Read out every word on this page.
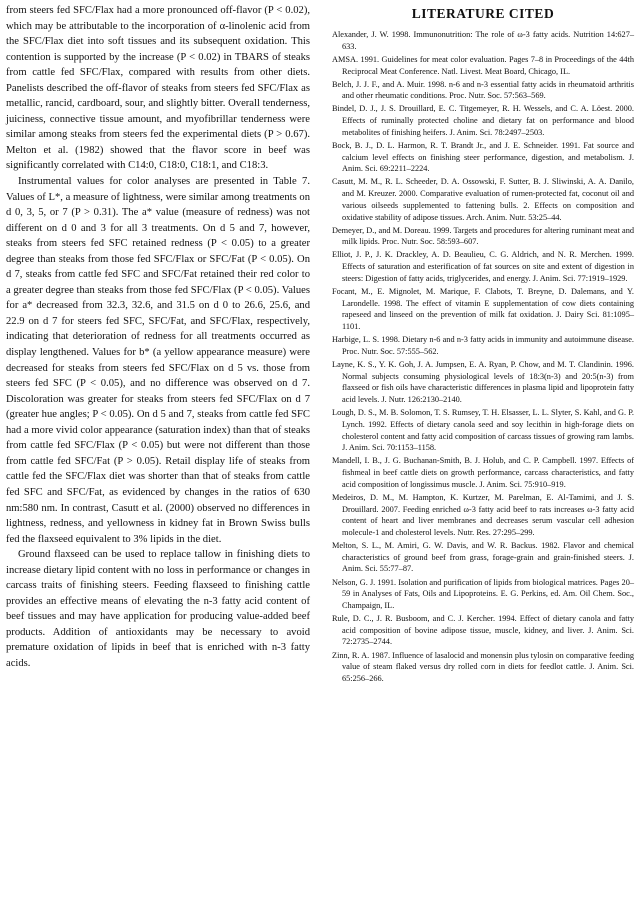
from steers fed SFC/Flax had a more pronounced off-flavor (P < 0.02), which may be attributable to the incorporation of α-linolenic acid from the SFC/Flax diet into soft tissues and its subsequent oxidation. This contention is supported by the increase (P < 0.02) in TBARS of steaks from cattle fed SFC/Flax, compared with results from other diets. Panelists described the off-flavor of steaks from steers fed SFC/Flax as metallic, rancid, cardboard, sour, and slightly bitter. Overall tenderness, juiciness, connective tissue amount, and myofibrillar tenderness were similar among steaks from steers fed the experimental diets (P > 0.67). Melton et al. (1982) showed that the flavor score in beef was significantly correlated with C14:0, C18:0, C18:1, and C18:3.

Instrumental values for color analyses are presented in Table 7. Values of L*, a measure of lightness, were similar among treatments on d 0, 3, 5, or 7 (P > 0.31). The a* value (measure of redness) was not different on d 0 and 3 for all 3 treatments. On d 5 and 7, however, steaks from steers fed SFC retained redness (P < 0.05) to a greater degree than steaks from those fed SFC/Flax or SFC/Fat (P < 0.05). On d 7, steaks from cattle fed SFC and SFC/Fat retained their red color to a greater degree than steaks from those fed SFC/Flax (P < 0.05). Values for a* decreased from 32.3, 32.6, and 31.5 on d 0 to 26.6, 25.6, and 22.9 on d 7 for steers fed SFC, SFC/Fat, and SFC/Flax, respectively, indicating that deterioration of redness for all treatments occurred as display lengthened. Values for b* (a yellow appearance measure) were decreased for steaks from steers fed SFC/Flax on d 5 vs. those from steers fed SFC (P < 0.05), and no difference was observed on d 7. Discoloration was greater for steaks from steers fed SFC/Flax on d 7 (greater hue angles; P < 0.05). On d 5 and 7, steaks from cattle fed SFC had a more vivid color appearance (saturation index) than that of steaks from cattle fed SFC/Flax (P < 0.05) but were not different than those from cattle fed SFC/Fat (P > 0.05). Retail display life of steaks from cattle fed the SFC/Flax diet was shorter than that of steaks from cattle fed SFC and SFC/Fat, as evidenced by changes in the ratios of 630 nm:580 nm. In contrast, Casutt et al. (2000) observed no differences in lightness, redness, and yellowness in kidney fat in Brown Swiss bulls fed the flaxseed equivalent to 3% lipids in the diet.

Ground flaxseed can be used to replace tallow in finishing diets to increase dietary lipid content with no loss in performance or changes in carcass traits of finishing steers. Feeding flaxseed to finishing cattle provides an effective means of elevating the n-3 fatty acid content of beef tissues and may have application for producing value-added beef products. Addition of antioxidants may be necessary to avoid premature oxidation of lipids in beef that is enriched with n-3 fatty acids.

LITERATURE CITED

Alexander, J. W. 1998. Immunonutrition: The role of ω-3 fatty acids. Nutrition 14:627–633.

AMSA. 1991. Guidelines for meat color evaluation. Pages 7–8 in Proceedings of the 44th Reciprocal Meat Conference. Natl. Livest. Meat Board, Chicago, IL.

Belch, J. J. F., and A. Muir. 1998. n-6 and n-3 essential fatty acids in rheumatoid arthritis and other rheumatic conditions. Proc. Nutr. Soc. 57:563–569.

Bindel, D. J., J. S. Drouillard, E. C. Titgemeyer, R. H. Wessels, and C. A. Löest. 2000. Effects of ruminally protected choline and dietary fat on performance and blood metabolites of finishing heifers. J. Anim. Sci. 78:2497–2503.

Bock, B. J., D. L. Harmon, R. T. Brandt Jr., and J. E. Schneider. 1991. Fat source and calcium level effects on finishing steer performance, digestion, and metabolism. J. Anim. Sci. 69:2211–2224.

Casutt, M. M., R. L. Scheeder, D. A. Ossowski, F. Sutter, B. J. Sliwinski, A. A. Danilo, and M. Kreuzer. 2000. Comparative evaluation of rumen-protected fat, coconut oil and various oilseeds supplemented to fattening bulls. 2. Effects on composition and oxidative stability of adipose tissues. Arch. Anim. Nutr. 53:25–44.

Demeyer, D., and M. Doreau. 1999. Targets and procedures for altering ruminant meat and milk lipids. Proc. Nutr. Soc. 58:593–607.

Elliot, J. P., J. K. Drackley, A. D. Beaulieu, C. G. Aldrich, and N. R. Merchen. 1999. Effects of saturation and esterification of fat sources on site and extent of digestion in steers: Digestion of fatty acids, triglycerides, and energy. J. Anim. Sci. 77:1919–1929.

Focant, M., E. Mignolet, M. Marique, F. Clabots, T. Breyne, D. Dalemans, and Y. Larondelle. 1998. The effect of vitamin E supplementation of cow diets containing rapeseed and linseed on the prevention of milk fat oxidation. J. Dairy Sci. 81:1095–1101.

Harbige, L. S. 1998. Dietary n-6 and n-3 fatty acids in immunity and autoimmune disease. Proc. Nutr. Soc. 57:555–562.

Layne, K. S., Y. K. Goh, J. A. Jumpsen, E. A. Ryan, P. Chow, and M. T. Clandinin. 1996. Normal subjects consuming physiological levels of 18:3(n-3) and 20:5(n-3) from flaxseed or fish oils have characteristic differences in plasma lipid and lipoprotein fatty acid levels. J. Nutr. 126:2130–2140.

Lough, D. S., M. B. Solomon, T. S. Rumsey, T. H. Elsasser, L. L. Slyter, S. Kahl, and G. P. Lynch. 1992. Effects of dietary canola seed and soy lecithin in high-forage diets on cholesterol content and fatty acid composition of carcass tissues of growing ram lambs. J. Anim. Sci. 70:1153–1158.

Mandell, I. B., J. G. Buchanan-Smith, B. J. Holub, and C. P. Campbell. 1997. Effects of fishmeal in beef cattle diets on growth performance, carcass characteristics, and fatty acid composition of longissimus muscle. J. Anim. Sci. 75:910–919.

Medeiros, D. M., M. Hampton, K. Kurtzer, M. Parelman, E. Al-Tamimi, and J. S. Drouillard. 2007. Feeding enriched ω-3 fatty acid beef to rats increases ω-3 fatty acid content of heart and liver membranes and decreases serum vascular cell adhesion molecule-1 and cholesterol levels. Nutr. Res. 27:295–299.

Melton, S. L., M. Amiri, G. W. Davis, and W. R. Backus. 1982. Flavor and chemical characteristics of ground beef from grass, forage-grain and grain-finished steers. J. Anim. Sci. 55:77–87.

Nelson, G. J. 1991. Isolation and purification of lipids from biological matrices. Pages 20–59 in Analyses of Fats, Oils and Lipoproteins. E. G. Perkins, ed. Am. Oil Chem. Soc., Champaign, IL.

Rule, D. C., J. R. Busboom, and C. J. Kercher. 1994. Effect of dietary canola and fatty acid composition of bovine adipose tissue, muscle, kidney, and liver. J. Anim. Sci. 72:2735–2744.

Zinn, R. A. 1987. Influence of lasalocid and monensin plus tylosin on comparative feeding value of steam flaked versus dry rolled corn in diets for feedlot cattle. J. Anim. Sci. 65:256–266.
